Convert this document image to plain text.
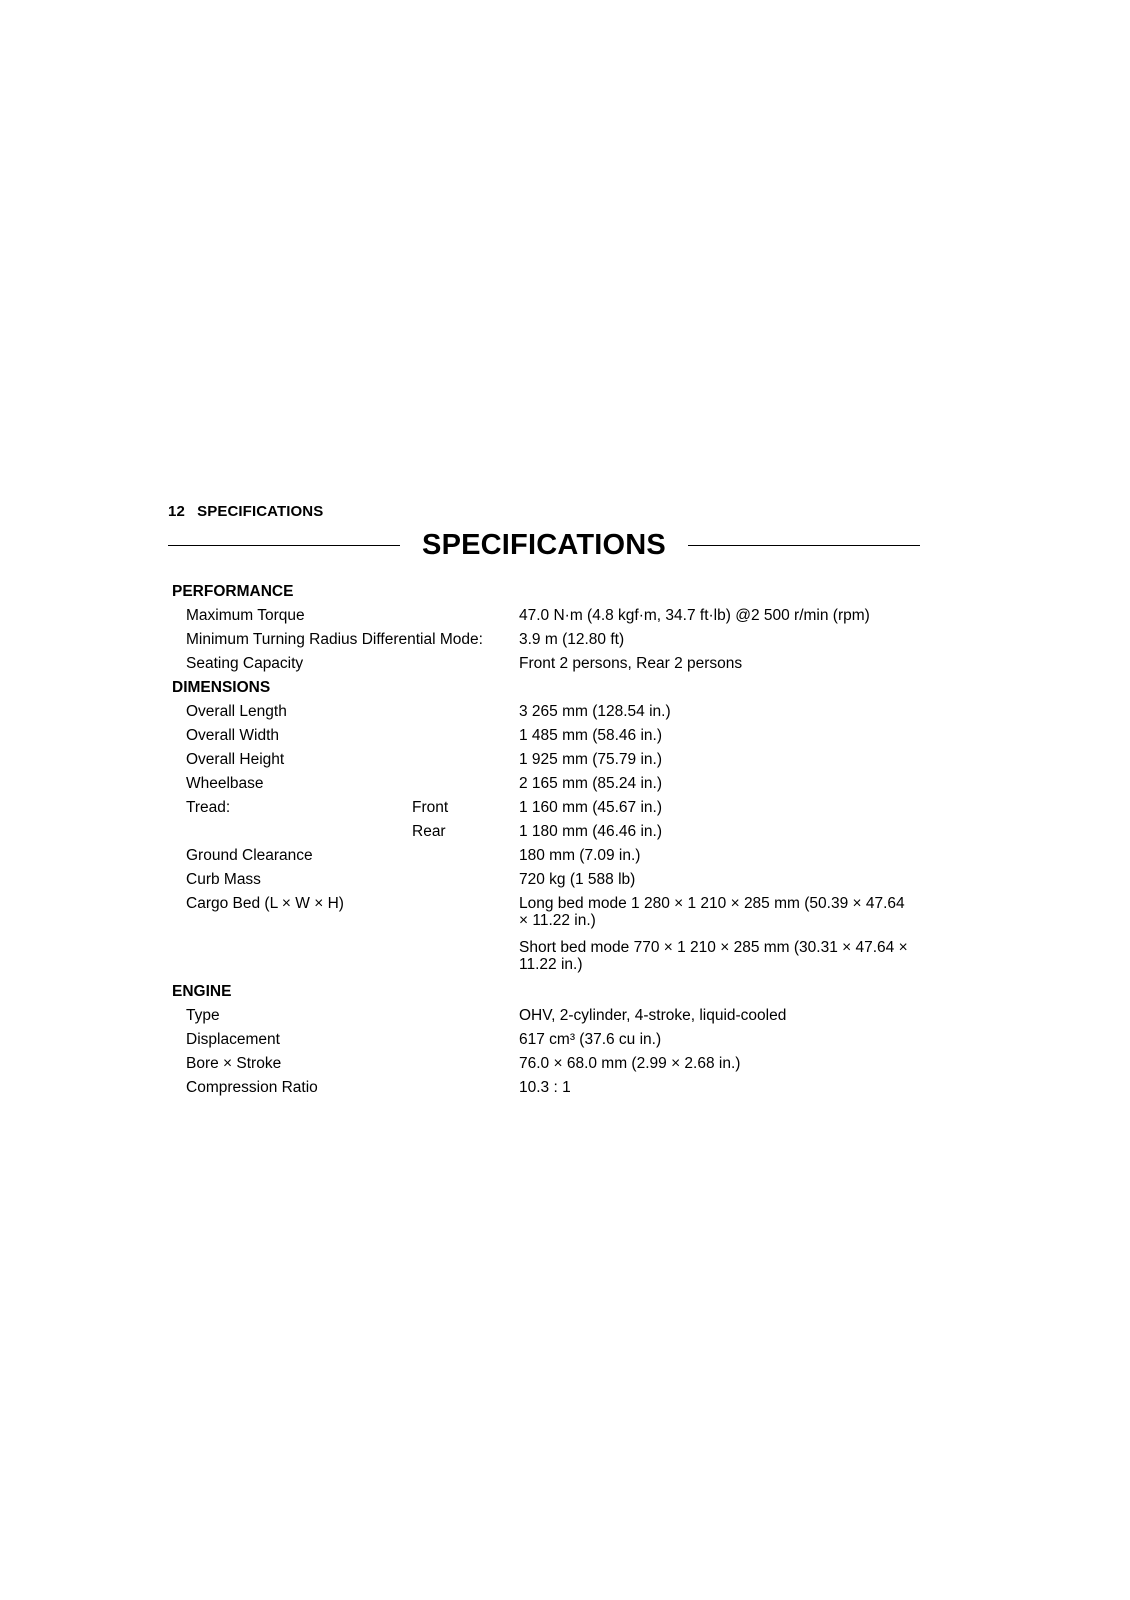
12 SPECIFICATIONS
SPECIFICATIONS
PERFORMANCE
Maximum Torque	47.0 N·m (4.8 kgf·m, 34.7 ft·lb) @2 500 r/min (rpm)
Minimum Turning Radius Differential Mode: 3.9 m (12.80 ft)
Seating Capacity	Front 2 persons, Rear 2 persons
DIMENSIONS
Overall Length	3 265 mm (128.54 in.)
Overall Width	1 485 mm (58.46 in.)
Overall Height	1 925 mm (75.79 in.)
Wheelbase	2 165 mm (85.24 in.)
Tread:	Front	1 160 mm (45.67 in.)
Rear	1 180 mm (46.46 in.)
Ground Clearance	180 mm (7.09 in.)
Curb Mass	720 kg (1 588 lb)
Cargo Bed (L × W × H)	Long bed mode 1 280 × 1 210 × 285 mm (50.39 × 47.64 × 11.22 in.)
Short bed mode 770 × 1 210 × 285 mm (30.31 × 47.64 × 11.22 in.)
ENGINE
Type	OHV, 2-cylinder, 4-stroke, liquid-cooled
Displacement	617 cm³ (37.6 cu in.)
Bore × Stroke	76.0 × 68.0 mm (2.99 × 2.68 in.)
Compression Ratio	10.3 : 1
